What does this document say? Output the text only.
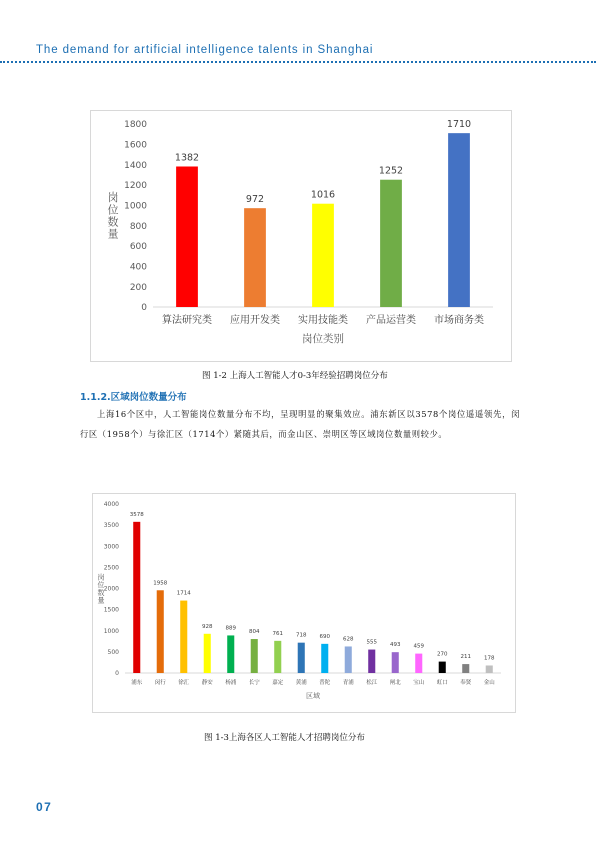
The demand for artificial intelligence talents in Shanghai
0
200
400
600
800
1000
1200
1400
1600
1800
1382
算法研究类
972
应用开发类
1016
实用技能类
1252
产品运营类
1710
市场商务类
岗
位
数
量
岗位类别
图 1-2 上海人工智能人才0-3年经验招聘岗位分布
1.1.2.区域岗位数量分布

上海16个区中，人工智能岗位数量分布不均，呈现明显的聚集效应。浦东新区以3578个岗位遥遥领先，闵行区（1958个）与徐汇区（1714个）紧随其后，而金山区、崇明区等区域岗位数量则较少。

0
500
1000
1500
2000
2500
3000
3500
4000
3578
浦东
1958
闵行
1714
徐汇
928
静安
889
杨浦
804
长宁
761
嘉定
718
黄浦
690
普陀
628
青浦
555
松江
493
闸北
459
宝山
270
虹口
211
奉贤
178
金山
岗
位
数
量
区域
图 1-3上海各区人工智能人才招聘岗位分布
07
